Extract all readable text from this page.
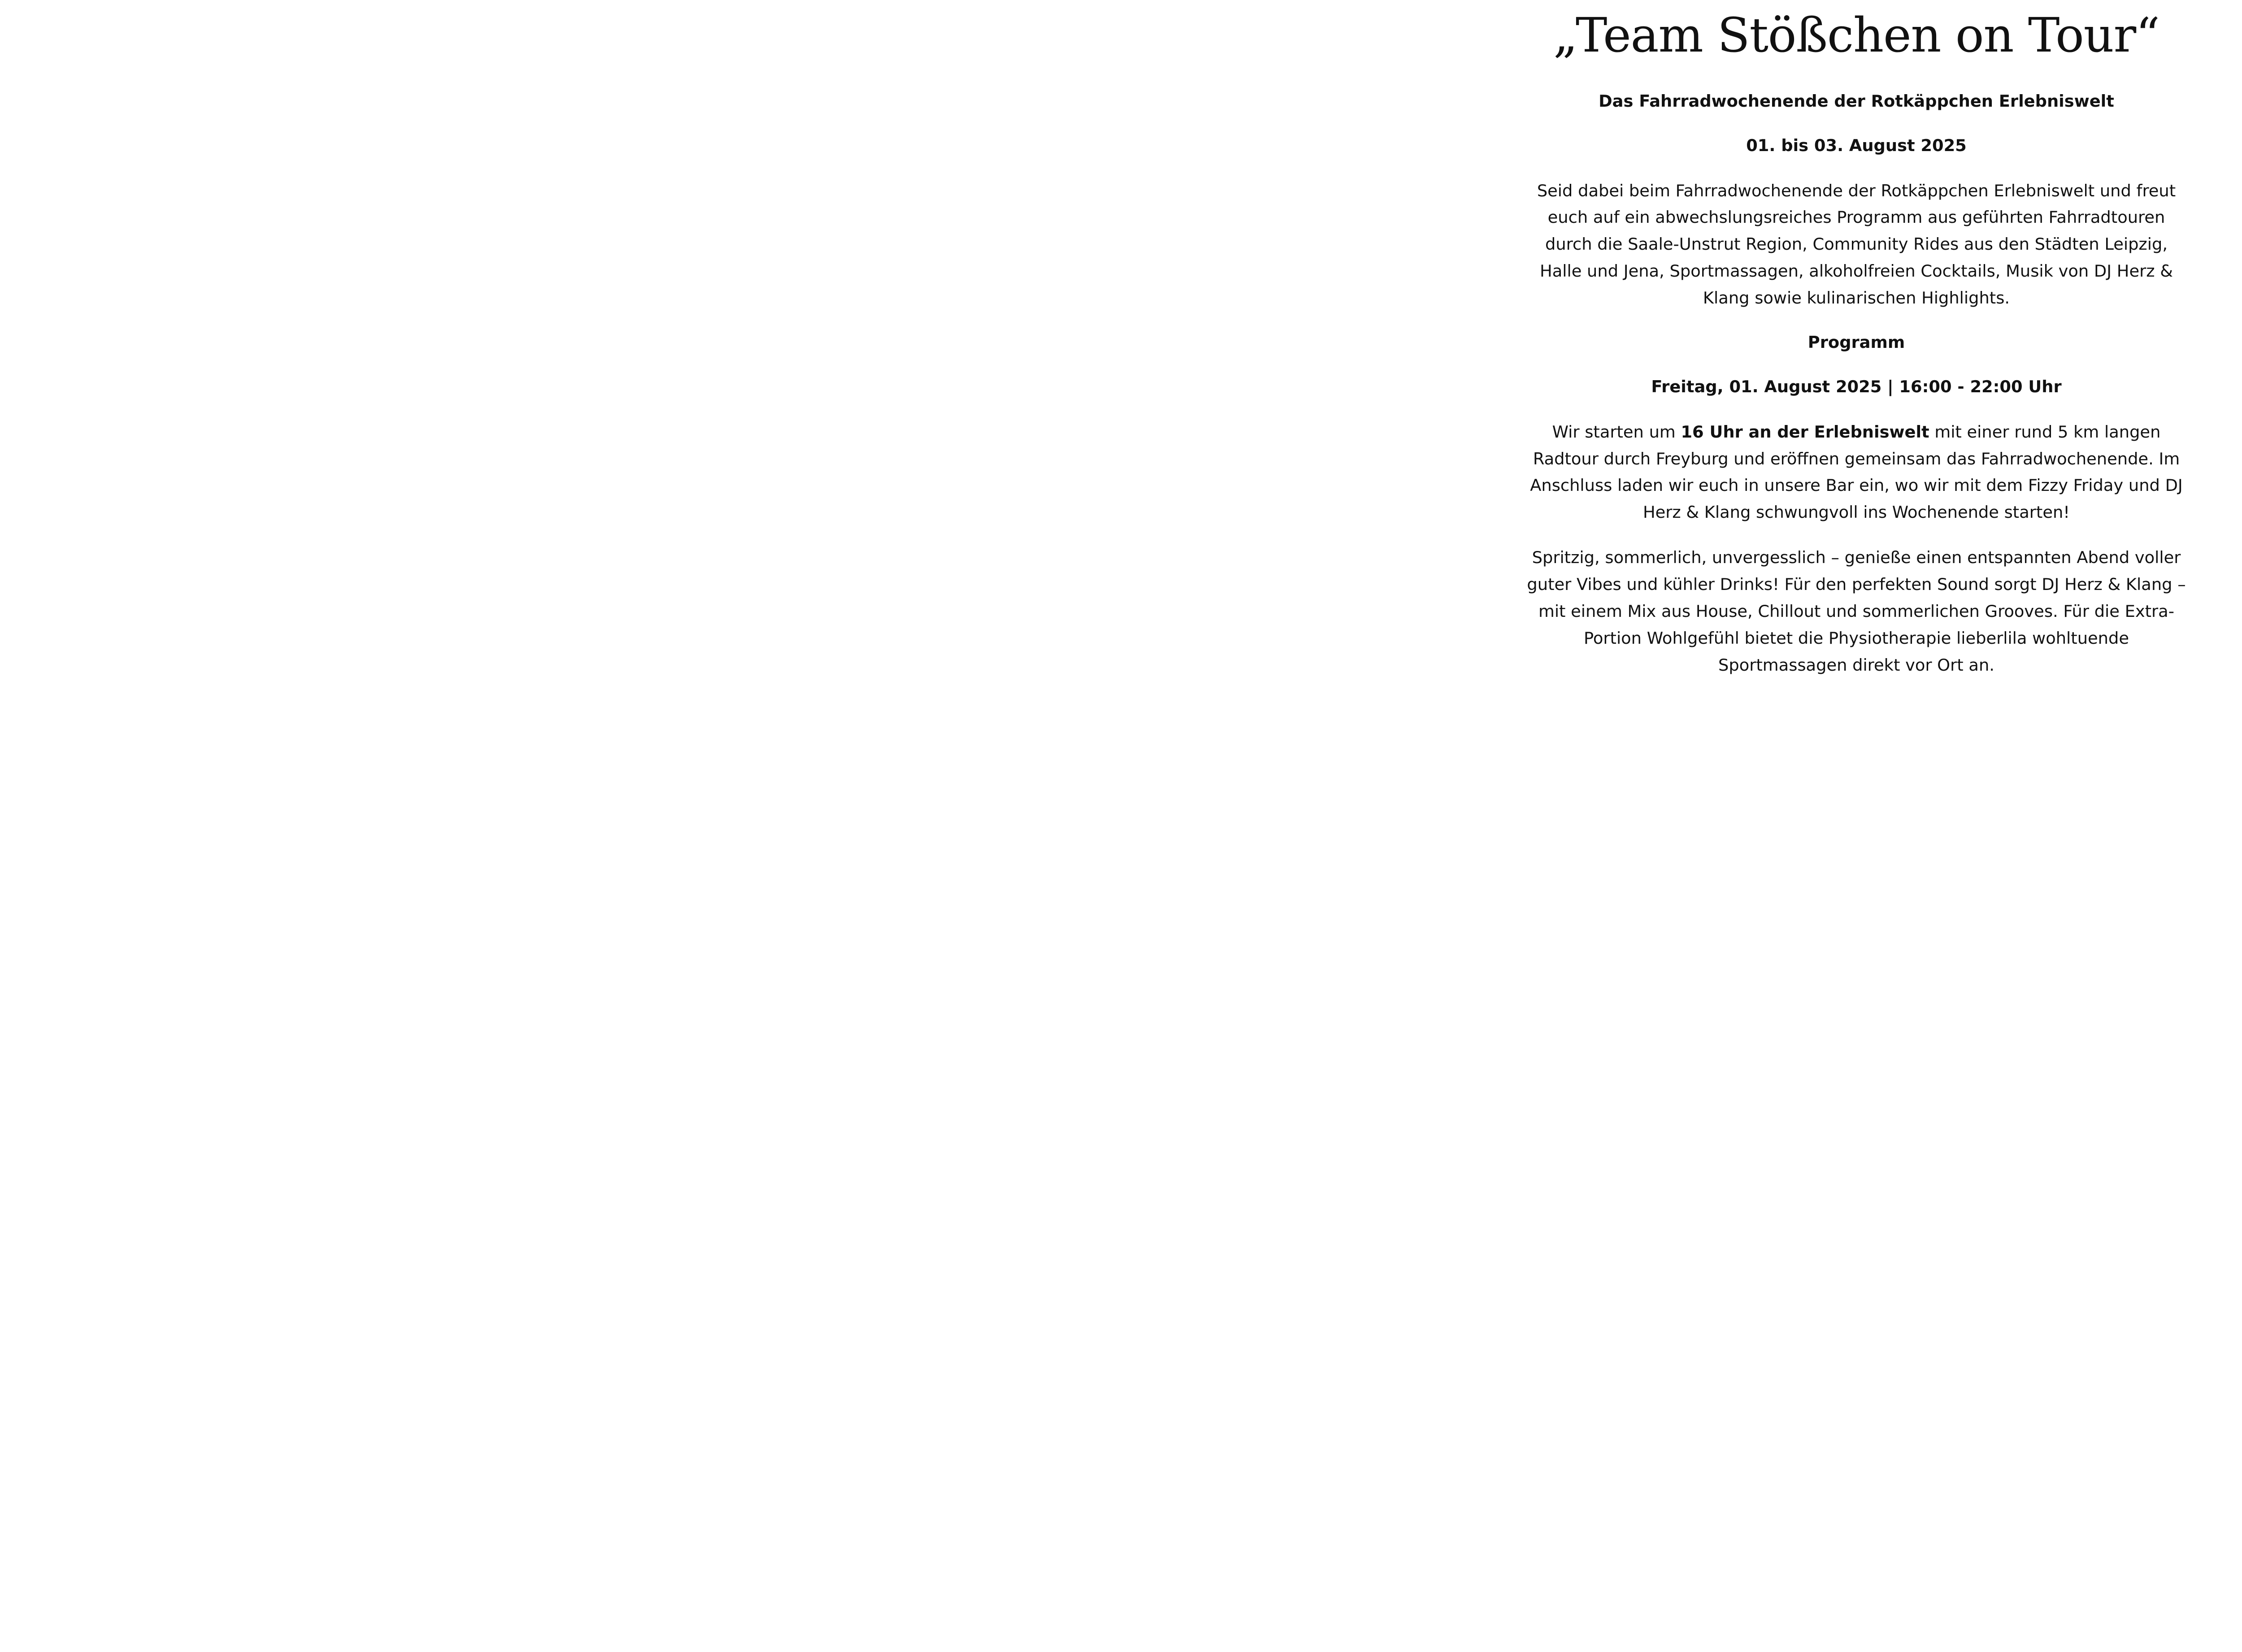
„Team Stößchen on Tour“
Das Fahrradwochenende der Rotkäppchen Erlebniswelt
01. bis 03. August 2025

Seid dabei beim Fahrradwochenende der Rotkäppchen Erlebniswelt und freut euch auf ein abwechslungsreiches Programm aus geführten Fahrradtouren durch die Saale-Unstrut Region, Community Rides aus den Städten Leipzig, Halle und Jena, Sportmassagen, alkoholfreien Cocktails, Musik von DJ Herz & Klang sowie kulinarischen Highlights.

Programm
Freitag, 01. August 2025 | 16:00 - 22:00 Uhr

Wir starten um 16 Uhr an der Erlebniswelt mit einer rund 5 km langen Radtour durch Freyburg und eröffnen gemeinsam das Fahrradwochenende. Im Anschluss laden wir euch in unsere Bar ein, wo wir mit dem Fizzy Friday und DJ Herz & Klang schwungvoll ins Wochenende starten!

Spritzig, sommerlich, unvergesslich – genieße einen entspannten Abend voller guter Vibes und kühler Drinks! Für den perfekten Sound sorgt DJ Herz & Klang – mit einem Mix aus House, Chillout und sommerlichen Grooves. Für die Extra-Portion Wohlgefühl bietet die Physiotherapie lieberlila wohltuende Sportmassagen direkt vor Ort an.
